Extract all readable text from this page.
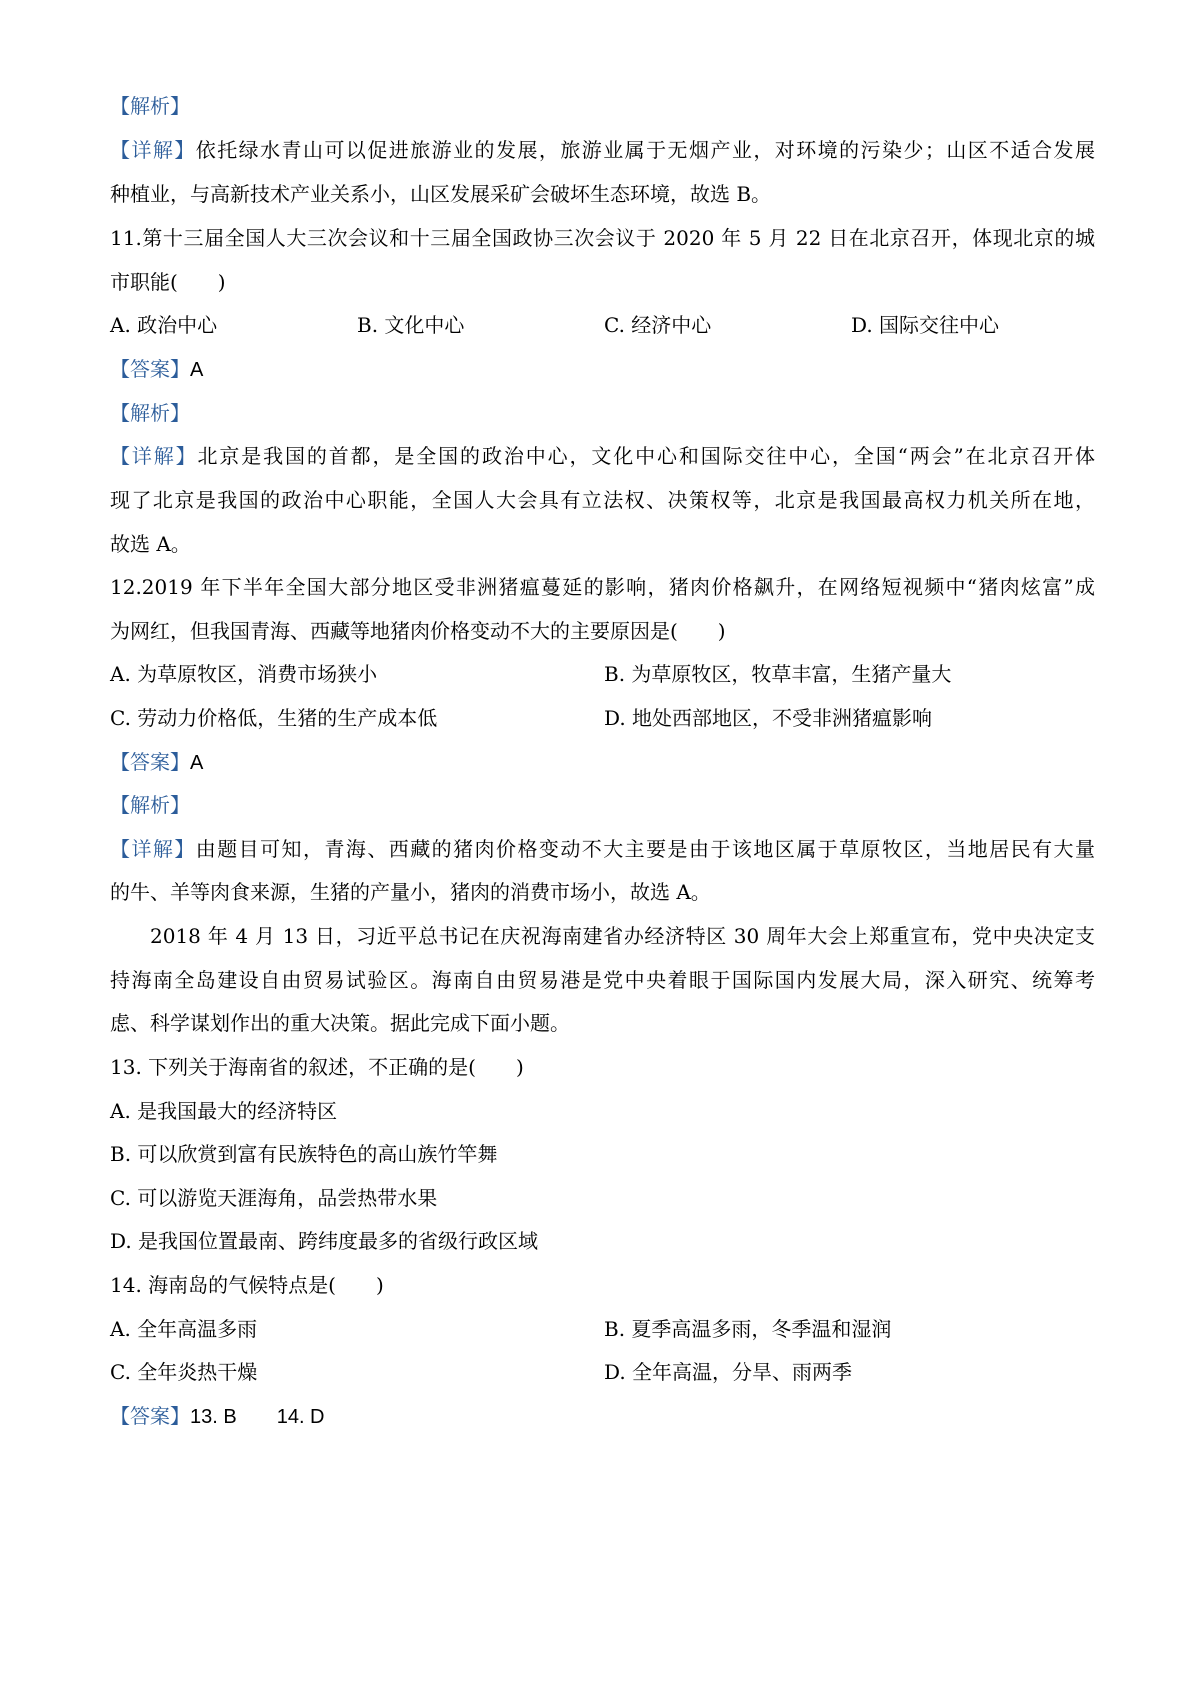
【解析】
【详解】依托绿水青山可以促进旅游业的发展，旅游业属于无烟产业，对环境的污染少；山区不适合发展
种植业，与高新技术产业关系小，山区发展采矿会破坏生态环境，故选 B。
11.第十三届全国人大三次会议和十三届全国政协三次会议于 2020 年 5 月 22 日在北京召开，体现北京的城
市职能(　　)
A. 政治中心	B. 文化中心	C. 经济中心	D. 国际交往中心
【答案】A
【解析】
【详解】北京是我国的首都，是全国的政治中心，文化中心和国际交往中心，全国“两会”在北京召开体
现了北京是我国的政治中心职能，全国人大会具有立法权、决策权等，北京是我国最高权力机关所在地，
故选 A。
12.2019 年下半年全国大部分地区受非洲猪瘟蔓延的影响，猪肉价格飙升，在网络短视频中“猪肉炫富”成
为网红，但我国青海、西藏等地猪肉价格变动不大的主要原因是(　　)
A. 为草原牧区，消费市场狭小	B. 为草原牧区，牧草丰富，生猪产量大
C. 劳动力价格低，生猪的生产成本低	D. 地处西部地区，不受非洲猪瘟影响
【答案】A
【解析】
【详解】由题目可知，青海、西藏的猪肉价格变动不大主要是由于该地区属于草原牧区，当地居民有大量
的牛、羊等肉食来源，生猪的产量小，猪肉的消费市场小，故选 A。
2018 年 4 月 13 日，习近平总书记在庆祝海南建省办经济特区 30 周年大会上郑重宣布，党中央决定支
持海南全岛建设自由贸易试验区。海南自由贸易港是党中央着眼于国际国内发展大局，深入研究、统筹考
虑、科学谋划作出的重大决策。据此完成下面小题。
13. 下列关于海南省的叙述，不正确的是(　　)
A. 是我国最大的经济特区
B. 可以欣赏到富有民族特色的高山族竹竿舞
C. 可以游览天涯海角，品尝热带水果
D. 是我国位置最南、跨纬度最多的省级行政区域
14. 海南岛的气候特点是(　　)
A. 全年高温多雨	B. 夏季高温多雨，冬季温和湿润
C. 全年炎热干燥	D. 全年高温，分旱、雨两季
【答案】13. B　　14. D
